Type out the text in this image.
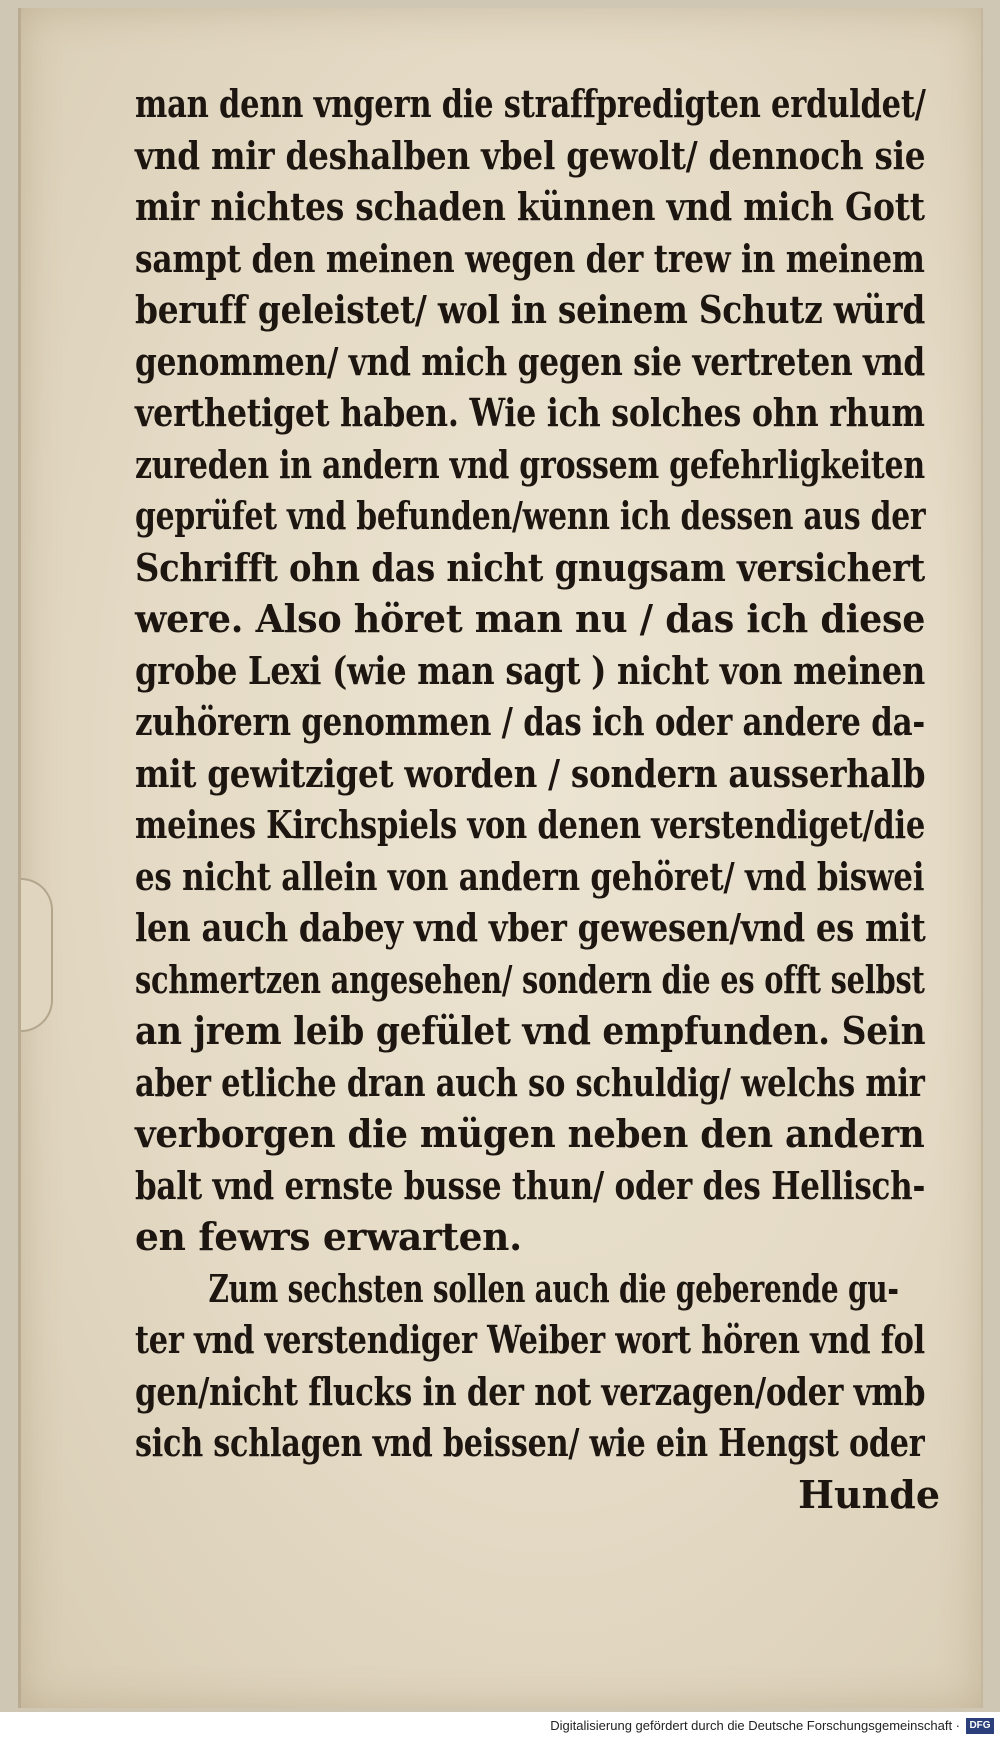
man denn vngern die straffpredigten erduldet/
vnd mir deshalben vbel gewolt/ dennoch sie
mir nichtes schaden künnen vnd mich Gott
sampt den meinen wegen der trew in meinem
beruff geleistet/ wol in seinem Schutz würd
genommen/ vnd mich gegen sie vertreten vnd
verthetiget haben. Wie ich solches ohn rhum
zureden in andern vnd grossem gefehrligkeiten
geprüfet vnd befunden/wenn ich dessen aus der
Schrifft ohn das nicht gnugsam versichert
were. Also höret man nu / das ich diese
grobe Lexi (wie man sagt ) nicht von meinen
zuhörern genommen / das ich oder andere da-
mit gewitziget worden / sondern ausserhalb
meines Kirchspiels von denen verstendiget/die
es nicht allein von andern gehöret/ vnd biswei
len auch dabey vnd vber gewesen/vnd es mit
schmertzen angesehen/ sondern die es offt selbst
an jrem leib gefület vnd empfunden. Sein
aber etliche dran auch so schuldig/ welchs mir
verborgen die mügen neben den andern
balt vnd ernste busse thun/ oder des Hellisch-
en fewrs erwarten.
Zum sechsten sollen auch die geberende gu-
ter vnd verstendiger Weiber wort hören vnd fol
gen/nicht flucks in der not verzagen/oder vmb
sich schlagen vnd beissen/ wie ein Hengst oder
Hunde
Digitalisierung gefördert durch die Deutsche Forschungsgemeinschaft · DFG
